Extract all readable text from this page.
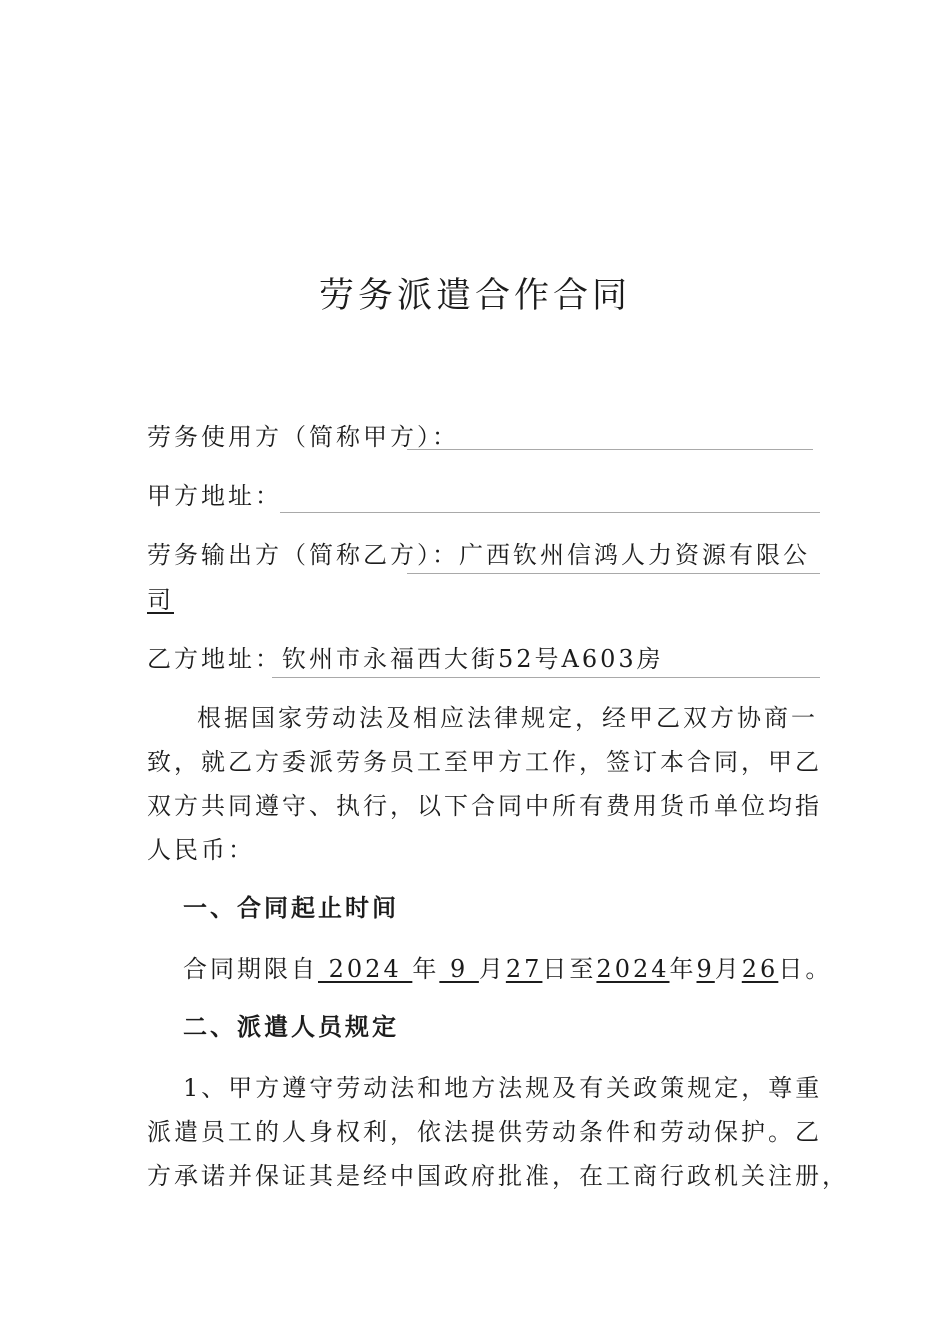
劳务派遣合作合同
劳务使用方（简称甲方）：
甲方地址：
劳务输出方（简称乙方）：广西钦州信鸿人力资源有限公
司
乙方地址：钦州市永福西大街52号A603房
根据国家劳动法及相应法律规定，经甲乙双方协商一
致，就乙方委派劳务员工至甲方工作，签订本合同，甲乙
双方共同遵守、执行，以下合同中所有费用货币单位均指
人民币：
一、合同起止时间
合同期限自 2024 年 9 月27日至2024年9月26日。
二、派遣人员规定
1、甲方遵守劳动法和地方法规及有关政策规定，尊重
派遣员工的人身权利，依法提供劳动条件和劳动保护。乙
方承诺并保证其是经中国政府批准，在工商行政机关注册，
